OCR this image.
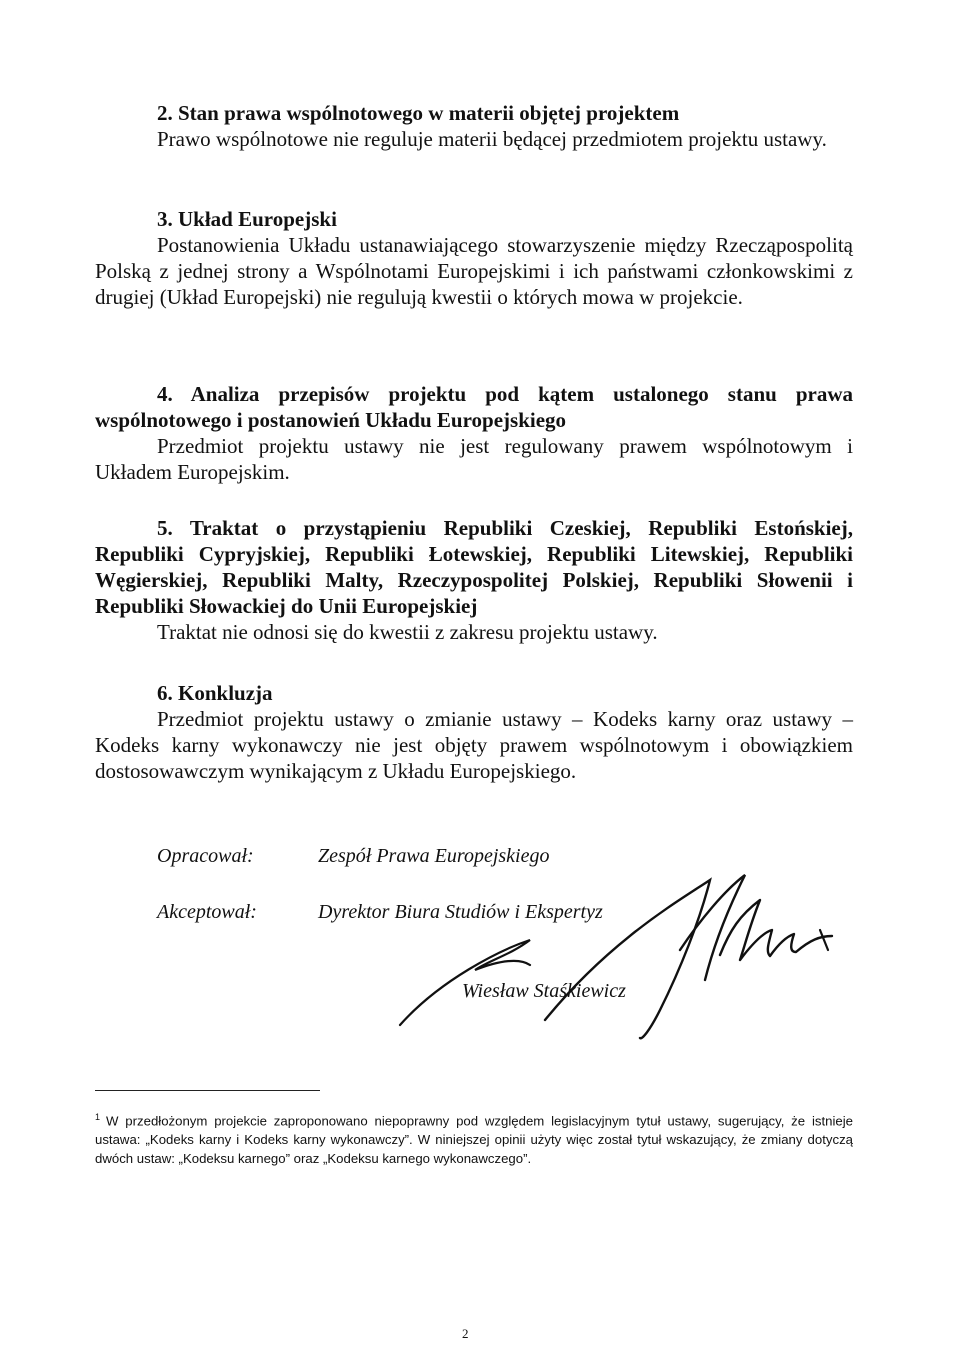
2. Stan prawa wspólnotowego w materii objętej projektem

Prawo wspólnotowe nie reguluje materii będącej przedmiotem projektu ustawy.

3. Układ Europejski

Postanowienia Układu ustanawiającego stowarzyszenie między Rzecząpospolitą Polską z jednej strony a Wspólnotami Europejskimi i ich państwami członkowskimi z drugiej (Układ Europejski) nie regulują kwestii o których mowa w projekcie.

4. Analiza przepisów projektu pod kątem ustalonego stanu prawa wspólnotowego i postanowień Układu Europejskiego

Przedmiot projektu ustawy nie jest regulowany prawem wspólnotowym i Układem Europejskim.

5. Traktat o przystąpieniu Republiki Czeskiej, Republiki Estońskiej, Republiki Cypryjskiej, Republiki Łotewskiej, Republiki Litewskiej, Republiki Węgierskiej, Republiki Malty, Rzeczypospolitej Polskiej, Republiki Słowenii i Republiki Słowackiej do Unii Europejskiej

Traktat nie odnosi się do kwestii z zakresu projektu ustawy.

6. Konkluzja

Przedmiot projektu ustawy o zmianie ustawy – Kodeks karny oraz ustawy – Kodeks karny wykonawczy nie jest objęty prawem wspólnotowym i obowiązkiem dostosowawczym wynikającym z Układu Europejskiego.

Opracował:	Zespół Prawa Europejskiego
Akceptował:	Dyrektor Biura Studiów i Ekspertyz
Wiesław Staśkiewicz

$^1$ W przedłożonym projekcie zaproponowano niepoprawny pod względem legislacyjnym tytuł ustawy, sugerujący, że istnieje ustawa: „Kodeks karny i Kodeks karny wykonawczy”. W niniejszej opinii użyty więc został tytuł wskazujący, że zmiany dotyczą dwóch ustaw: „Kodeksu karnego” oraz „Kodeksu karnego wykonawczego”.

2
